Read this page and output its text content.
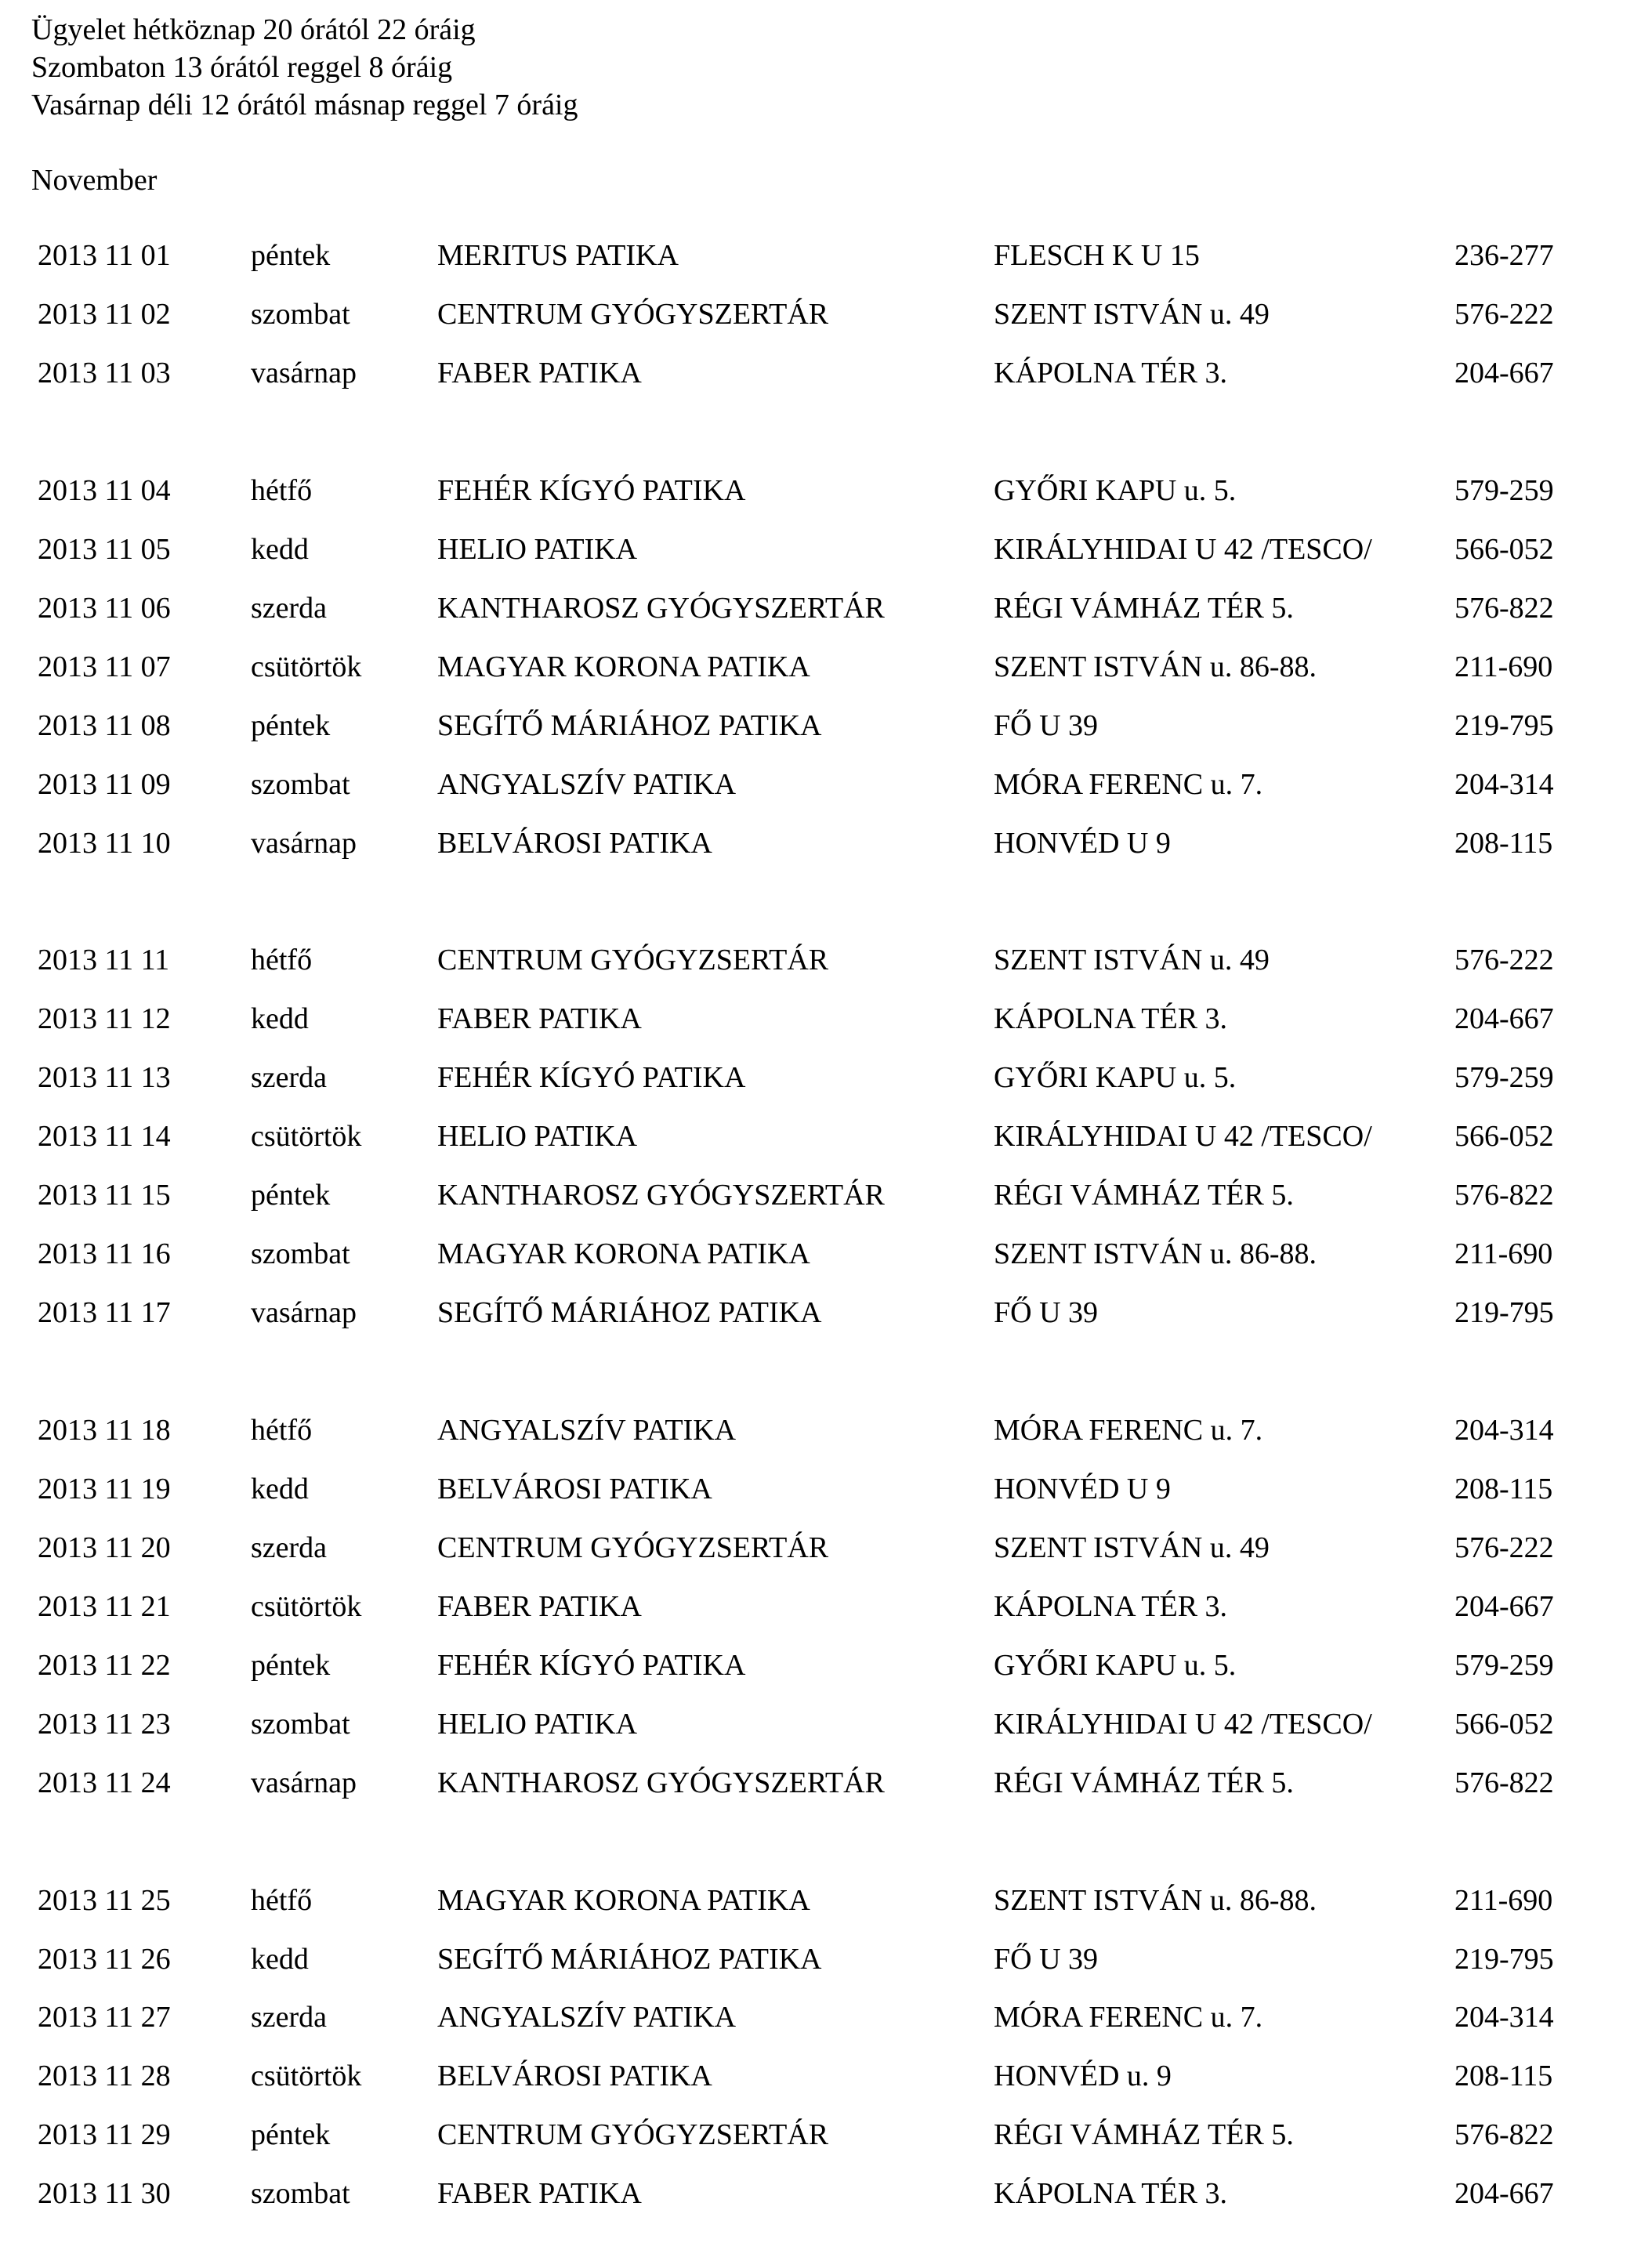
Ügyelet hétköznap 20 órától 22 óráig
Szombaton 13 órától reggel 8 óráig
Vasárnap déli 12 órától másnap reggel 7 óráig
November
2013 11 01	péntek	MERITUS PATIKA	FLESCH K U 15	236-277
2013 11 02	szombat	CENTRUM GYÓGYSZERTÁR	SZENT ISTVÁN u. 49	576-222
2013 11 03	vasárnap	FABER PATIKA	KÁPOLNA TÉR 3.	204-667
2013 11 04	hétfő	FEHÉR KÍGYÓ PATIKA	GYŐRI KAPU u. 5.	579-259
2013 11 05	kedd	HELIO PATIKA	KIRÁLYHIDAI U 42 /TESCO/	566-052
2013 11 06	szerda	KANTHAROSZ GYÓGYSZERTÁR	RÉGI VÁMHÁZ TÉR 5.	576-822
2013 11 07	csütörtök	MAGYAR KORONA PATIKA	SZENT ISTVÁN u. 86-88.	211-690
2013 11 08	péntek	SEGÍTŐ MÁRIÁHOZ PATIKA	FŐ U 39	219-795
2013 11 09	szombat	ANGYALSZÍV PATIKA	MÓRA FERENC u. 7.	204-314
2013 11 10	vasárnap	BELVÁROSI PATIKA	HONVÉD U 9	208-115
2013 11 11	hétfő	CENTRUM GYÓGYZSERTÁR	SZENT ISTVÁN u. 49	576-222
2013 11 12	kedd	FABER PATIKA	KÁPOLNA TÉR 3.	204-667
2013 11 13	szerda	FEHÉR KÍGYÓ PATIKA	GYŐRI KAPU u. 5.	579-259
2013 11 14	csütörtök	HELIO PATIKA	KIRÁLYHIDAI U 42 /TESCO/	566-052
2013 11 15	péntek	KANTHAROSZ GYÓGYSZERTÁR	RÉGI VÁMHÁZ TÉR 5.	576-822
2013 11 16	szombat	MAGYAR KORONA PATIKA	SZENT ISTVÁN u. 86-88.	211-690
2013 11 17	vasárnap	SEGÍTŐ MÁRIÁHOZ PATIKA	FŐ U 39	219-795
2013 11 18	hétfő	ANGYALSZÍV PATIKA	MÓRA FERENC u. 7.	204-314
2013 11 19	kedd	BELVÁROSI PATIKA	HONVÉD U 9	208-115
2013 11 20	szerda	CENTRUM GYÓGYZSERTÁR	SZENT ISTVÁN u. 49	576-222
2013 11 21	csütörtök	FABER PATIKA	KÁPOLNA TÉR 3.	204-667
2013 11 22	péntek	FEHÉR KÍGYÓ PATIKA	GYŐRI KAPU u. 5.	579-259
2013 11 23	szombat	HELIO PATIKA	KIRÁLYHIDAI U 42 /TESCO/	566-052
2013 11 24	vasárnap	KANTHAROSZ GYÓGYSZERTÁR	RÉGI VÁMHÁZ TÉR 5.	576-822
2013 11 25	hétfő	MAGYAR KORONA PATIKA	SZENT ISTVÁN u. 86-88.	211-690
2013 11 26	kedd	SEGÍTŐ MÁRIÁHOZ PATIKA	FŐ U 39	219-795
2013 11 27	szerda	ANGYALSZÍV PATIKA	MÓRA FERENC u. 7.	204-314
2013 11 28	csütörtök	BELVÁROSI PATIKA	HONVÉD u. 9	208-115
2013 11 29	péntek	CENTRUM GYÓGYZSERTÁR	RÉGI VÁMHÁZ TÉR 5.	576-822
2013 11 30	szombat	FABER PATIKA	KÁPOLNA TÉR 3.	204-667
